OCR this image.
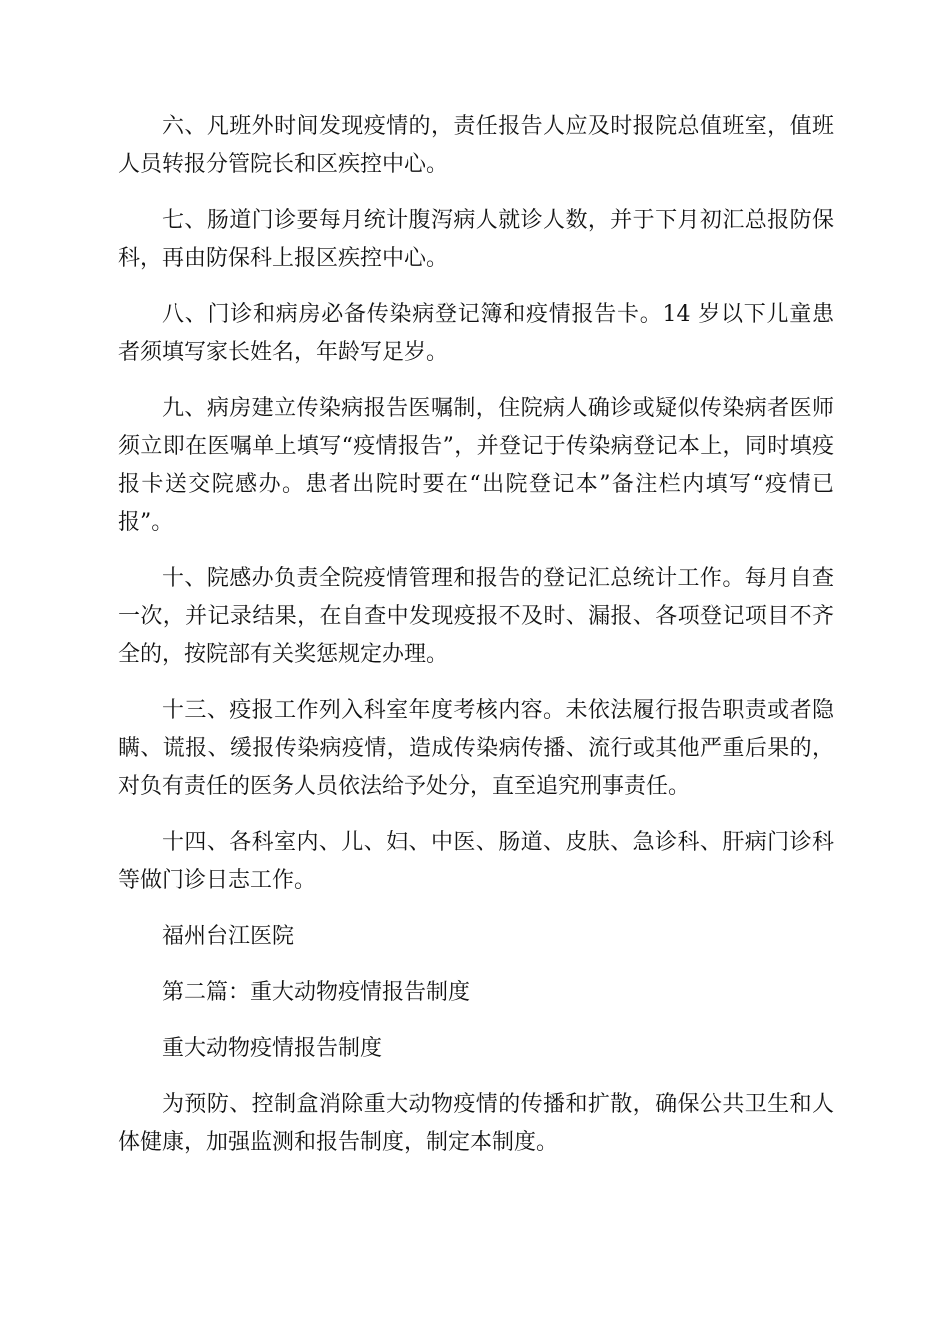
六、凡班外时间发现疫情的，责任报告人应及时报院总值班室，值班人员转报分管院长和区疾控中心。

七、肠道门诊要每月统计腹泻病人就诊人数，并于下月初汇总报防保科，再由防保科上报区疾控中心。

八、门诊和病房必备传染病登记簿和疫情报告卡。14 岁以下儿童患者须填写家长姓名，年龄写足岁。

九、病房建立传染病报告医嘱制，住院病人确诊或疑似传染病者医师须立即在医嘱单上填写“疫情报告”，并登记于传染病登记本上，同时填疫报卡送交院感办。患者出院时要在“出院登记本”备注栏内填写“疫情已报”。

十、院感办负责全院疫情管理和报告的登记汇总统计工作。每月自查一次，并记录结果，在自查中发现疫报不及时、漏报、各项登记项目不齐全的，按院部有关奖惩规定办理。

十三、疫报工作列入科室年度考核内容。未依法履行报告职责或者隐瞒、谎报、缓报传染病疫情，造成传染病传播、流行或其他严重后果的，对负有责任的医务人员依法给予处分，直至追究刑事责任。

十四、各科室内、儿、妇、中医、肠道、皮肤、急诊科、肝病门诊科等做门诊日志工作。

福州台江医院

第二篇：重大动物疫情报告制度

重大动物疫情报告制度

为预防、控制盒消除重大动物疫情的传播和扩散，确保公共卫生和人体健康，加强监测和报告制度，制定本制度。
